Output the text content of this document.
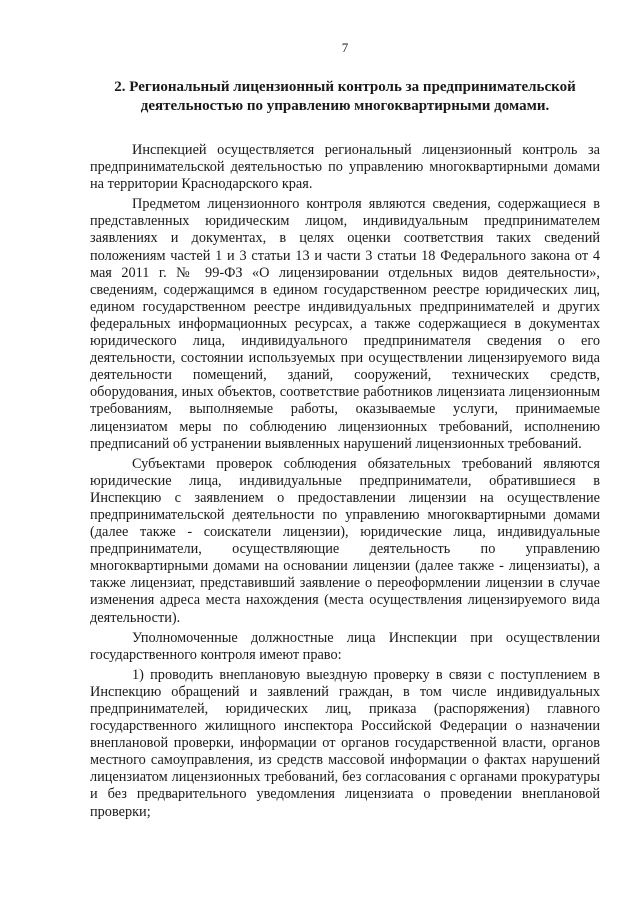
7
2. Региональный лицензионный контроль за предпринимательской
деятельностью по управлению многоквартирными домами.

Инспекцией осуществляется региональный лицензионный контроль за предпринимательской деятельностью по управлению многоквартирными домами на территории Краснодарского края.

Предметом лицензионного контроля являются сведения, содержащиеся в представленных юридическим лицом, индивидуальным предпринимателем заявлениях и документах, в целях оценки соответствия таких сведений положениям частей 1 и 3 статьи 13 и части 3 статьи 18 Федерального закона от 4 мая 2011 г. № 99-ФЗ «О лицензировании отдельных видов деятельности», сведениям, содержащимся в едином государственном реестре юридических лиц, едином государственном реестре индивидуальных предпринимателей и других федеральных информационных ресурсах, а также содержащиеся в документах юридического лица, индивидуального предпринимателя сведения о его деятельности, состоянии используемых при осуществлении лицензируемого вида деятельности помещений, зданий, сооружений, технических средств, оборудования, иных объектов, соответствие работников лицензиата лицензионным требованиям, выполняемые работы, оказываемые услуги, принимаемые лицензиатом меры по соблюдению лицензионных требований, исполнению предписаний об устранении выявленных нарушений лицензионных требований.

Субъектами проверок соблюдения обязательных требований являются юридические лица, индивидуальные предприниматели, обратившиеся в Инспекцию с заявлением о предоставлении лицензии на осуществление предпринимательской деятельности по управлению многоквартирными домами (далее также - соискатели лицензии), юридические лица, индивидуальные предприниматели, осуществляющие деятельность по управлению многоквартирными домами на основании лицензии (далее также - лицензиаты), а также лицензиат, представивший заявление о переоформлении лицензии в случае изменения адреса места нахождения (места осуществления лицензируемого вида деятельности).

Уполномоченные должностные лица Инспекции при осуществлении государственного контроля имеют право:

1) проводить внеплановую выездную проверку в связи с поступлением в Инспекцию обращений и заявлений граждан, в том числе индивидуальных предпринимателей, юридических лиц, приказа (распоряжения) главного государственного жилищного инспектора Российской Федерации о назначении внеплановой проверки, информации от органов государственной власти, органов местного самоуправления, из средств массовой информации о фактах нарушений лицензиатом лицензионных требований, без согласования с органами прокуратуры и без предварительного уведомления лицензиата о проведении внеплановой проверки;
